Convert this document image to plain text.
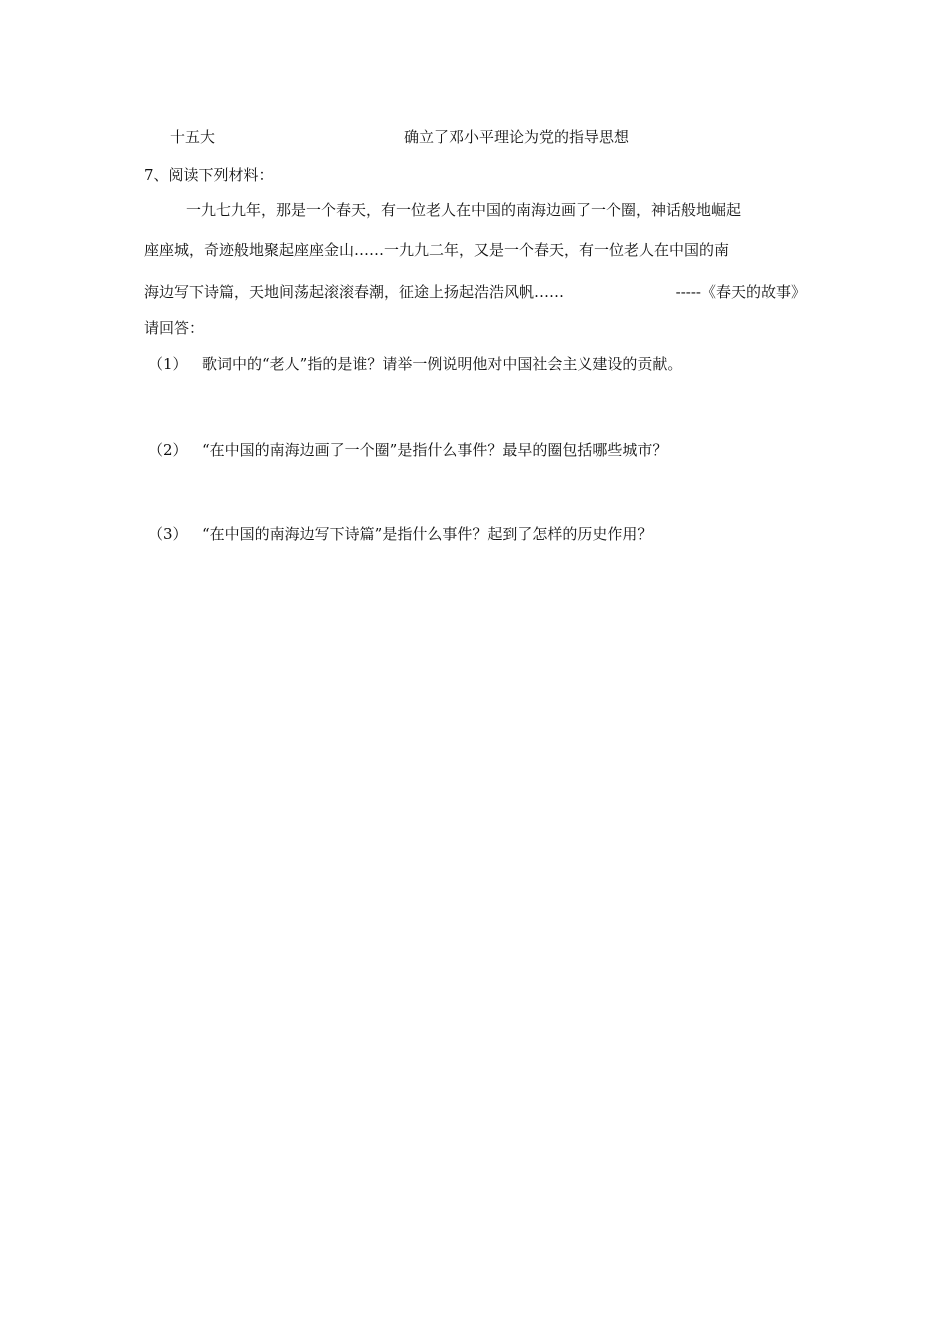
十五大	确立了邓小平理论为党的指导思想
7、阅读下列材料：
一九七九年，那是一个春天，有一位老人在中国的南海边画了一个圈，神话般地崛起
座座城，奇迹般地聚起座座金山……一九九二年，又是一个春天，有一位老人在中国的南
海边写下诗篇，天地间荡起滚滚春潮，征途上扬起浩浩风帆……	-----《春天的故事》
请回答：
（1） 歌词中的“老人”指的是谁？请举一例说明他对中国社会主义建设的贡献。
（2） “在中国的南海边画了一个圈”是指什么事件？最早的圈包括哪些城市？
（3） “在中国的南海边写下诗篇”是指什么事件？起到了怎样的历史作用？
